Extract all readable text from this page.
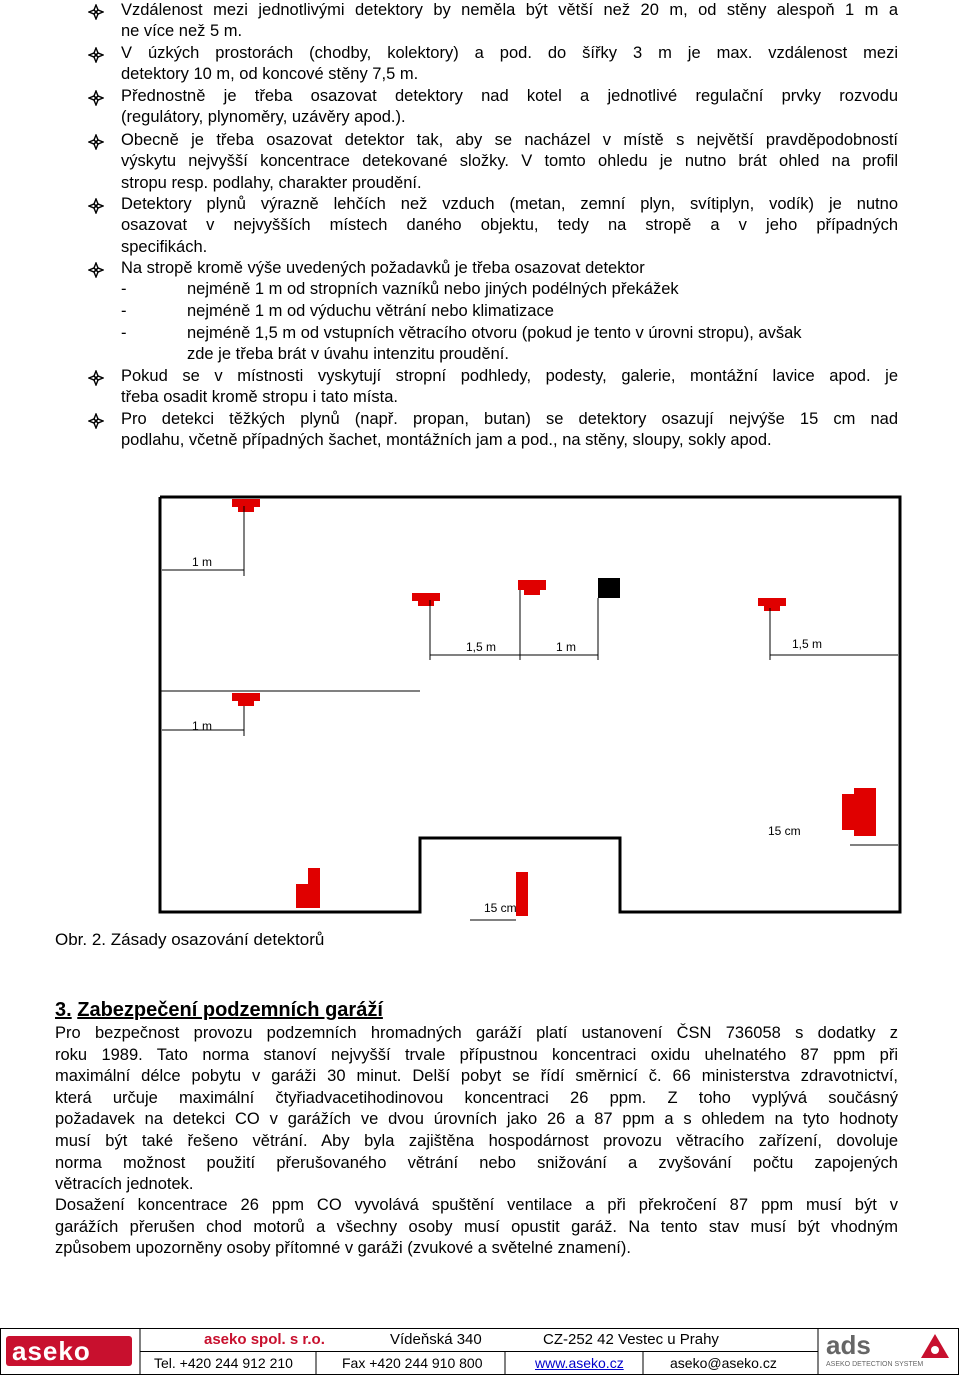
Vzdálenost mezi jednotlivými detektory by neměla být větší než 20 m, od stěny alespoň 1 m a
ne více než 5 m.
V úzkých prostorách (chodby, kolektory) a pod. do šířky 3 m je max. vzdálenost mezi
detektory 10 m, od koncové stěny 7,5 m.
Přednostně je třeba osazovat detektory nad kotel a jednotlivé regulační prvky rozvodu
(regulátory, plynoměry, uzávěry apod.).
Obecně je třeba osazovat detektor tak, aby se nacházel v místě s největší pravděpodobností
výskytu nejvyšší koncentrace detekované složky. V tomto ohledu je nutno brát ohled na profil
stropu resp. podlahy, charakter proudění.
Detektory plynů výrazně lehčích než vzduch (metan, zemní plyn, svítiplyn, vodík) je nutno
osazovat v nejvyšších místech daného objektu, tedy na stropě a v jeho případných
specifikách.
Na stropě kromě výše uvedených požadavků je třeba osazovat detektor
Pokud se v místnosti vyskytují stropní podhledy, podesty, galerie, montážní lavice apod. je
třeba osadit kromě stropu i tato místa.
Pro detekci těžkých plynů (např. propan, butan) se detektory osazují nejvýše 15 cm nad
podlahu, včetně případných šachet, montážních jam a pod., na stěny, sloupy, sokly apod.
-	nejméně 1 m od stropních vazníků nebo jiných podélných překážek
-	nejméně 1 m od výduchu větrání nebo klimatizace
-	nejméně 1,5 m od vstupních větracího otvoru (pokud je tento v úrovni stropu), avšak
zde je třeba brát v úvahu intenzitu proudění.
1 m
1 m
1,5 m	1 m	1,5 m
15 cm
15 cm
Obr. 2. Zásady osazování detektorů
3. Zabezpečení podzemních garáží
Pro bezpečnost provozu podzemních hromadných garáží platí ustanovení ČSN 736058 s dodatky z
roku 1989. Tato norma stanoví nejvyšší trvale přípustnou koncentraci oxidu uhelnatého 87 ppm při
maximální délce pobytu v garáži 30 minut. Delší pobyt se řídí směrnicí č. 66 ministerstva zdravotnictví,
která určuje maximální čtyřiadvacetihodinovou koncentraci 26 ppm. Z toho vyplývá součásný
požadavek na detekci CO v garážích ve dvou úrovních jako 26 a 87 ppm a s ohledem na tyto hodnoty
musí být také řešeno větrání. Aby byla zajištěna hospodárnost provozu větracího zařízení, dovoluje
norma možnost použití přerušovaného větrání nebo snižování a zvyšování počtu zapojených
větracích jednotek.
Dosažení koncentrace 26 ppm CO vyvolává spuštění ventilace a při překročení 87 ppm musí být v
garážích přerušen chod motorů a všechny osoby musí opustit garáž. Na tento stav musí být vhodným
způsobem upozorněny osoby přítomné v garáži (zvukové a světelné znamení).
aseko	aseko spol. s r.o.	Vídeňská 340	CZ-252 42 Vestec u Prahy
Tel. +420 244 912 210	Fax +420 244 910 800	www.aseko.cz	aseko@aseko.cz
ads
ASEKO DETECTION SYSTEM
